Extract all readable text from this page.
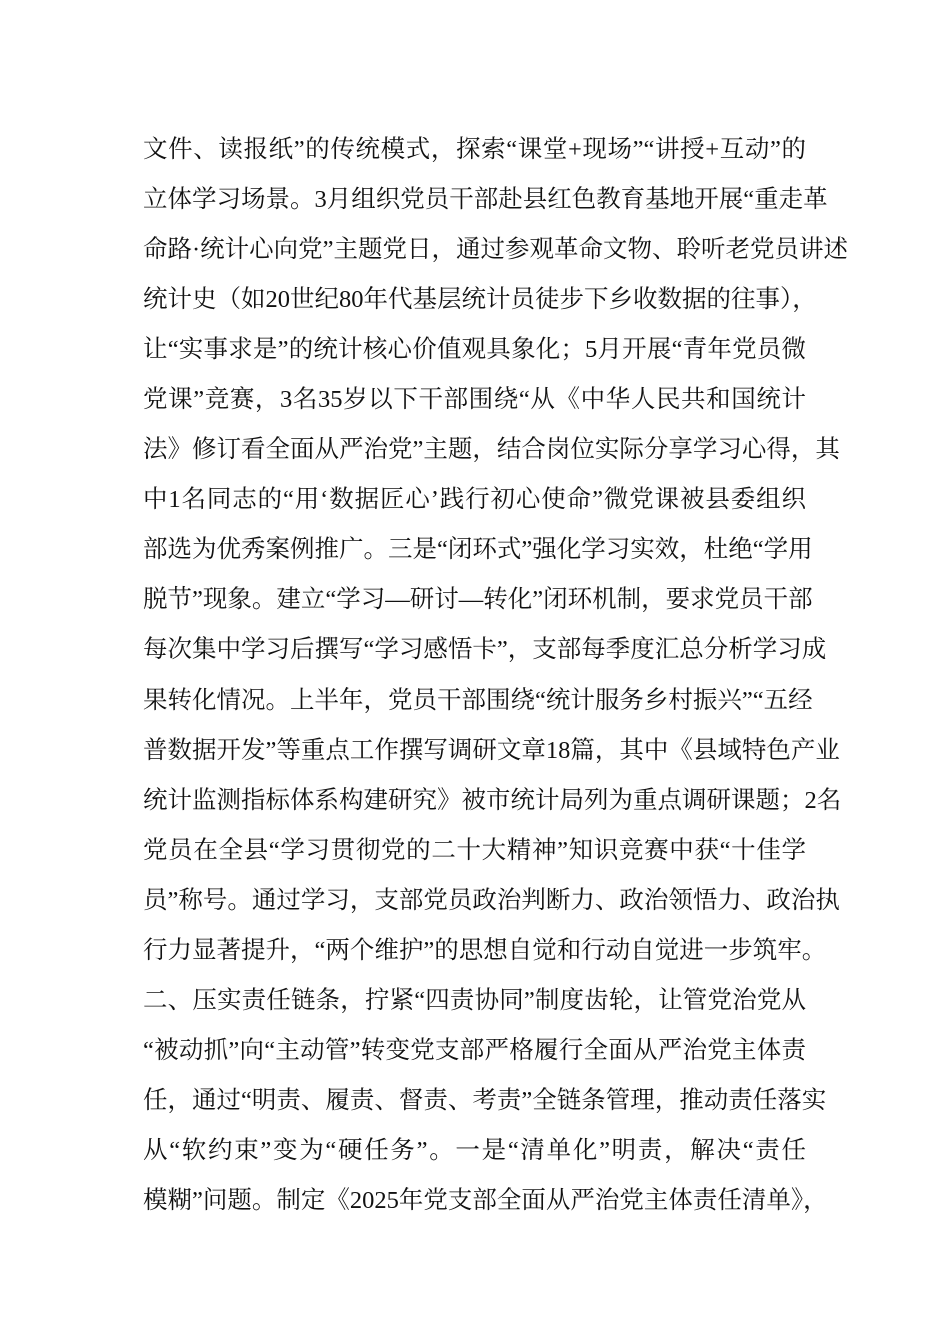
文件、读报纸”的传统模式，探索“课堂+现场”“讲授+互动”的
立体学习场景。3月组织党员干部赴县红色教育基地开展“重走革
命路·统计心向党”主题党日，通过参观革命文物、聆听老党员讲述
统计史（如20世纪80年代基层统计员徒步下乡收数据的往事），
让“实事求是”的统计核心价值观具象化；5月开展“青年党员微
党课”竞赛，3名35岁以下干部围绕“从《中华人民共和国统计
法》修订看全面从严治党”主题，结合岗位实际分享学习心得，其
中1名同志的“用‘数据匠心’践行初心使命”微党课被县委组织
部选为优秀案例推广。三是“闭环式”强化学习实效，杜绝“学用
脱节”现象。建立“学习—研讨—转化”闭环机制，要求党员干部
每次集中学习后撰写“学习感悟卡”，支部每季度汇总分析学习成
果转化情况。上半年，党员干部围绕“统计服务乡村振兴”“五经
普数据开发”等重点工作撰写调研文章18篇，其中《县域特色产业
统计监测指标体系构建研究》被市统计局列为重点调研课题；2名
党员在全县“学习贯彻党的二十大精神”知识竞赛中获“十佳学
员”称号。通过学习，支部党员政治判断力、政治领悟力、政治执
行力显著提升，“两个维护”的思想自觉和行动自觉进一步筑牢。
二、压实责任链条，拧紧“四责协同”制度齿轮，让管党治党从
“被动抓”向“主动管”转变党支部严格履行全面从严治党主体责
任，通过“明责、履责、督责、考责”全链条管理，推动责任落实
从“软约束”变为“硬任务”。一是“清单化”明责，解决“责任
模糊”问题。制定《2025年党支部全面从严治党主体责任清单》，
